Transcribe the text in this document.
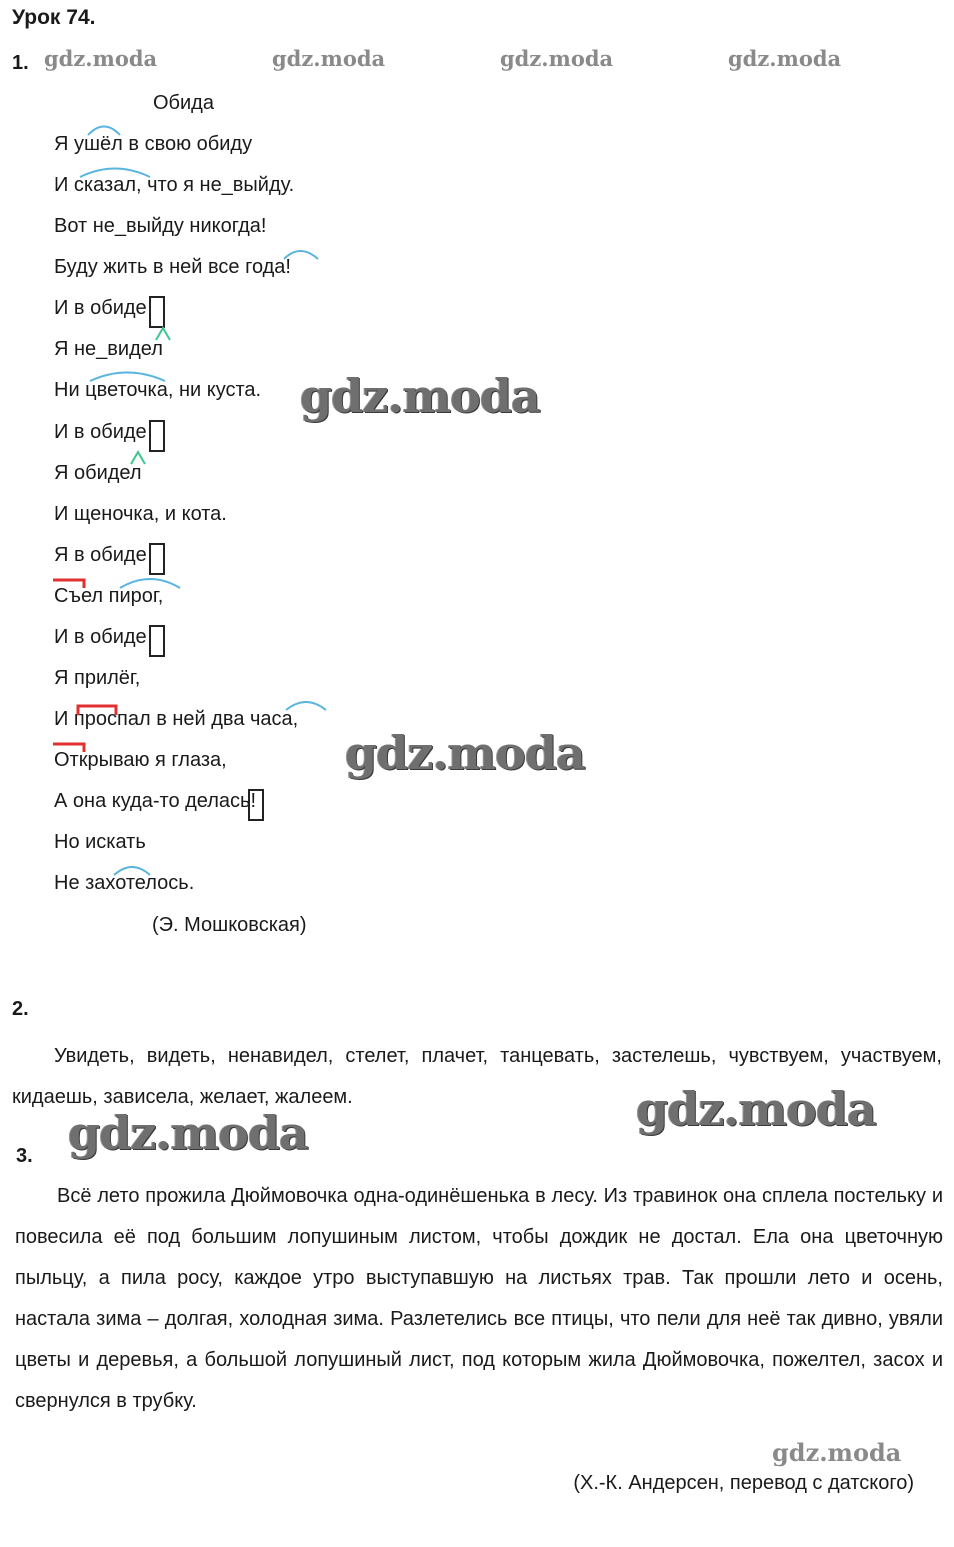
Урок 74.
1. gdz.moda	gdz.moda	gdz.moda	gdz.moda
Обида
Я ушёл в свою обиду
И сказал, что я не_выйду.
Вот не_выйду никогда!
Буду жить в ней все года!
И в обиде
Я не_видел
Ни цветочка, ни куста.
И в обиде
Я обидел
И щеночка, и кота.
Я в обиде
Съел пирог,
И в обиде
Я прилёг,
И проспал в ней два часа,
Открываю я глаза,
А она куда-то делась!
Но искать
Не захотелось.
(Э. Мошковская)
gdz.moda
gdz.moda
2.
Увидеть, видеть, ненавидел, стелет, плачет, танцевать, застелешь, чувствуем, участвуем, кидаешь, зависела, желает, жалеем.	gdz.moda
gdz.moda
3.
Всё лето прожила Дюймовочка одна-одинёшенька в лесу. Из травинок она сплела постельку и повесила её под большим лопушиным листом, чтобы дождик не достал. Ела она цветочную пыльцу, а пила росу, каждое утро выступавшую на листьях трав. Так прошли лето и осень, настала зима – долгая, холодная зима. Разлетелись все птицы, что пели для неё так дивно, увяли цветы и деревья, а большой лопушиный лист, под которым жила Дюймовочка, пожелтел, засох и свернулся в трубку.
gdz.moda
(Х.-К. Андерсен, перевод с датского)
